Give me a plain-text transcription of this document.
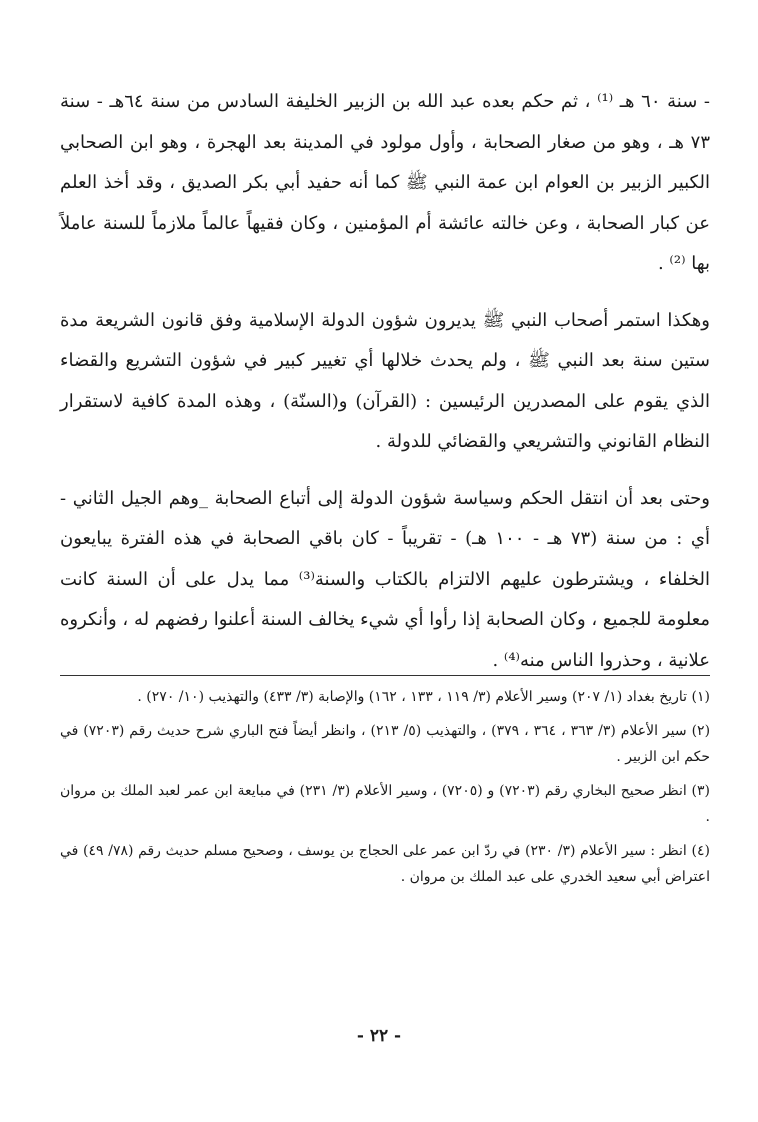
- سنة ٦٠ هـ ⁽¹⁾ ، ثم حكم بعده عبد الله بن الزبير الخليفة السادس من سنة ٦٤هـ - سنة ٧٣ هـ ، وهو من صغار الصحابة ، وأول مولود في المدينة بعد الهجرة ، وهو ابن الصحابي الكبير الزبير بن العوام ابن عمة النبي ﷺ كما أنه حفيد أبي بكر الصديق ، وقد أخذ العلم عن كبار الصحابة ، وعن خالته عائشة أم المؤمنين ، وكان فقيهاً عالماً ملازماً للسنة عاملاً بها ⁽²⁾ .

وهكذا استمر أصحاب النبي ﷺ يديرون شؤون الدولة الإسلامية وفق قانون الشريعة مدة ستين سنة بعد النبي ﷺ ، ولم يحدث خلالها أي تغيير كبير في شؤون التشريع والقضاء الذي يقوم على المصدرين الرئيسين : (القرآن) و(السنّة) ، وهذه المدة كافية لاستقرار النظام القانوني والتشريعي والقضائي للدولة .

وحتى بعد أن انتقل الحكم وسياسة شؤون الدولة إلى أتباع الصحابة _وهم الجيل الثاني - أي : من سنة (٧٣ هـ - ١٠٠ هـ) - تقريباً - كان باقي الصحابة في هذه الفترة يبايعون الخلفاء ، ويشترطون عليهم الالتزام بالكتاب والسنة⁽³⁾ مما يدل على أن السنة كانت معلومة للجميع ، وكان الصحابة إذا رأوا أي شيء يخالف السنة أعلنوا رفضهم له ، وأنكروه علانية ، وحذروا الناس منه⁽⁴⁾ .

(١) تاريخ بغداد (١/ ٢٠٧) وسير الأعلام (٣/ ١١٩ ، ١٣٣ ، ١٦٢) والإصابة (٣/ ٤٣٣) والتهذيب (١٠/ ٢٧٠) .

(٢) سير الأعلام (٣/ ٣٦٣ ، ٣٦٤ ، ٣٧٩) ، والتهذيب (٥/ ٢١٣) ، وانظر أيضاً فتح الباري شرح حديث رقم (٧٢٠٣) في حكم ابن الزبير .

(٣) انظر صحيح البخاري رقم (٧٢٠٣) و (٧٢٠٥) ، وسير الأعلام (٣/ ٢٣١) في مبايعة ابن عمر لعبد الملك بن مروان .

(٤) انظر : سير الأعلام (٣/ ٢٣٠) في ردّ ابن عمر على الحجاج بن يوسف ، وصحيح مسلم حديث رقم (٧٨/ ٤٩) في اعتراض أبي سعيد الخدري على عبد الملك بن مروان .

- ٢٢ -
